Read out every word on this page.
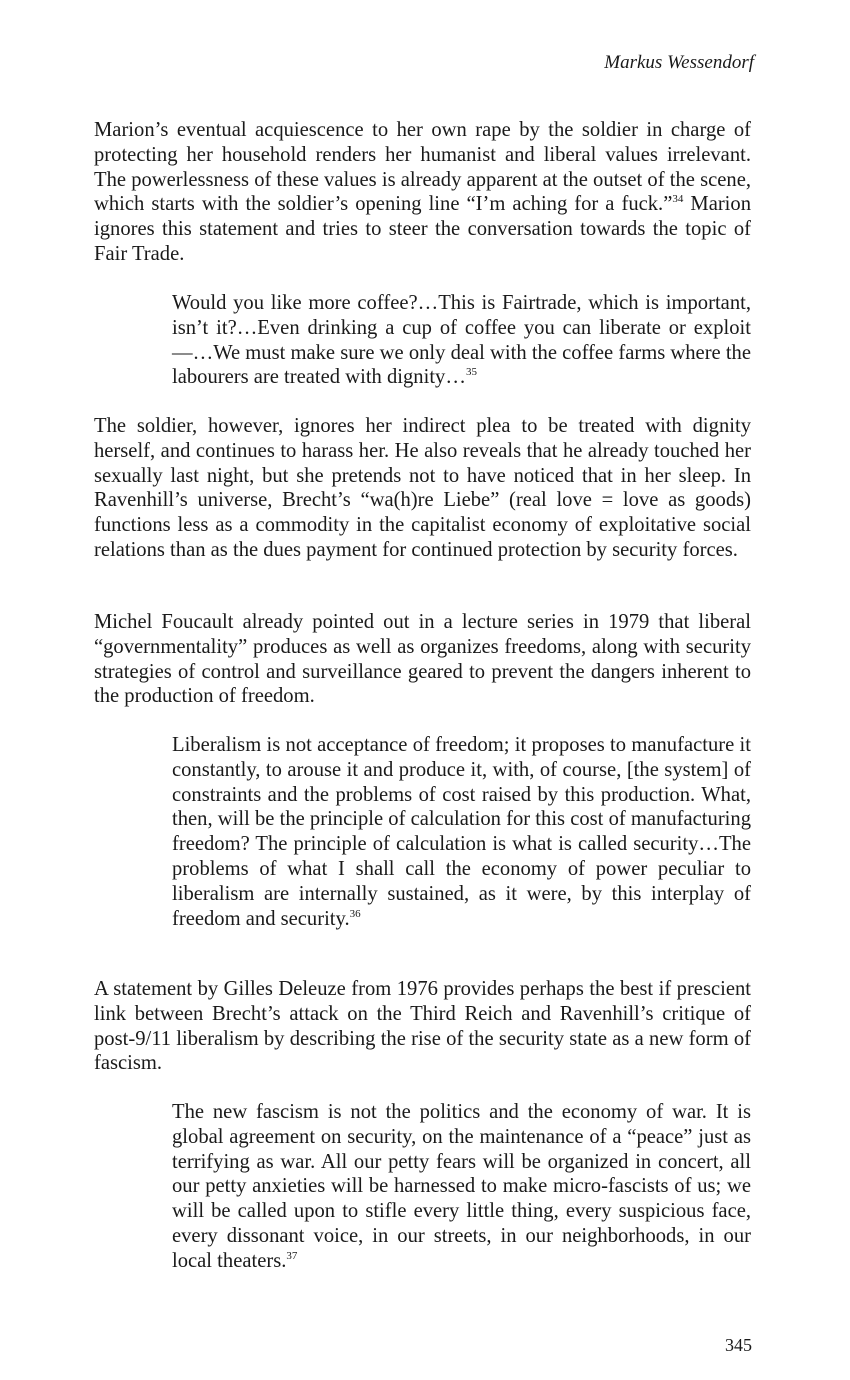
Markus Wessendorf

Marion’s eventual acquiescence to her own rape by the soldier in charge of protecting her household renders her humanist and liberal values irrelevant. The powerlessness of these values is already apparent at the outset of the scene, which starts with the soldier’s opening line “I’m aching for a fuck.”$^{34}$ Marion ignores this statement and tries to steer the conversation towards the topic of Fair Trade.

Would you like more coffee?…This is Fairtrade, which is important, isn’t it?…Even drinking a cup of coffee you can liberate or exploit—…We must make sure we only deal with the coffee farms where the labourers are treated with dignity…$^{35}$

The soldier, however, ignores her indirect plea to be treated with dignity herself, and continues to harass her. He also reveals that he already touched her sexually last night, but she pretends not to have noticed that in her sleep. In Ravenhill’s universe, Brecht’s “wa(h)re Liebe” (real love = love as goods) functions less as a commodity in the capitalist economy of exploitative social relations than as the dues payment for continued protection by security forces.

Michel Foucault already pointed out in a lecture series in 1979 that liberal “governmentality” produces as well as organizes freedoms, along with security strategies of control and surveillance geared to prevent the dangers inherent to the production of freedom.

Liberalism is not acceptance of freedom; it proposes to manufacture it constantly, to arouse it and produce it, with, of course, [the system] of constraints and the problems of cost raised by this production. What, then, will be the principle of calculation for this cost of manufacturing freedom? The principle of calculation is what is called security…The problems of what I shall call the economy of power peculiar to liberalism are internally sustained, as it were, by this interplay of freedom and security.$^{36}$

A statement by Gilles Deleuze from 1976 provides perhaps the best if prescient link between Brecht’s attack on the Third Reich and Ravenhill’s critique of post-9/11 liberalism by describing the rise of the security state as a new form of fascism.

The new fascism is not the politics and the economy of war. It is global agreement on security, on the maintenance of a “peace” just as terrifying as war. All our petty fears will be organized in concert, all our petty anxieties will be harnessed to make micro-fascists of us; we will be called upon to stifle every little thing, every suspicious face, every dissonant voice, in our streets, in our neighborhoods, in our local theaters.$^{37}$

345
